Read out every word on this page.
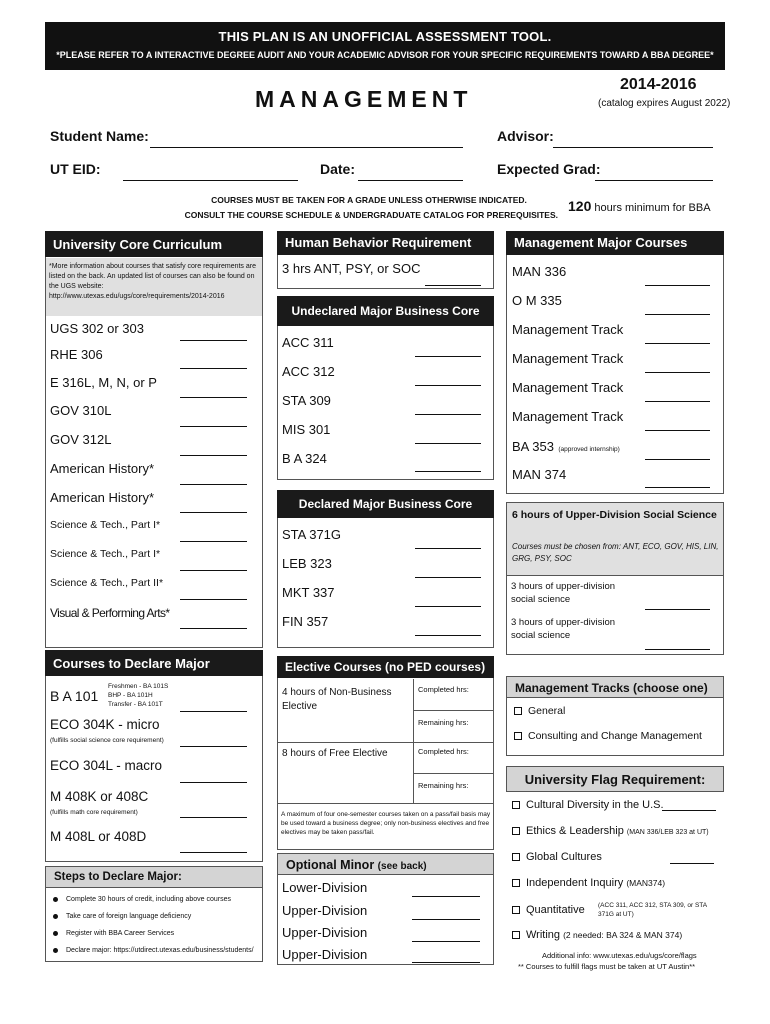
THIS PLAN IS AN UNOFFICIAL ASSESSMENT TOOL.
*PLEASE REFER TO A INTERACTIVE DEGREE AUDIT AND YOUR ACADEMIC ADVISOR FOR YOUR SPECIFIC REQUIREMENTS TOWARD A BBA DEGREE*
MANAGEMENT
2014-2016
(catalog expires August 2022)
Student Name:	Advisor:
UT EID:	Date:	Expected Grad:
COURSES MUST BE TAKEN FOR A GRADE UNLESS OTHERWISE INDICATED.
CONSULT THE COURSE SCHEDULE & UNDERGRADUATE CATALOG FOR PREREQUISITES.
120 hours minimum for BBA
University Core Curriculum
*More information about courses that satisfy core requirements are listed on the back. An updated list of courses can also be found on the UGS website:
http://www.utexas.edu/ugs/core/requirements/2014-2016
UGS 302 or 303
RHE 306
E 316L, M, N, or P
GOV 310L
GOV 312L
American History*
American History*
Science & Tech., Part I*
Science & Tech., Part I*
Science & Tech., Part II*
Visual & Performing Arts*
Courses to Declare Major
B A 101
Freshmen - BA 101S
BHP - BA 101H
Transfer - BA 101T
ECO 304K - micro
(fulfills social science core requirement)
ECO 304L - macro
M 408K or 408C
(fulfills math core requirement)
M 408L or 408D
Steps to Declare Major:
Complete 30 hours of credit, including above courses
Take care of foreign language deficiency
Register with BBA Career Services
Declare major: https://utdirect.utexas.edu/business/students/
Human Behavior Requirement
3 hrs ANT, PSY, or SOC
Undeclared Major Business Core
ACC 311
ACC 312
STA 309
MIS 301
B A 324
Declared Major Business Core
STA 371G
LEB 323
MKT 337
FIN 357
Elective Courses (no PED courses)
4 hours of Non-Business Elective
Completed hrs:
Remaining hrs:
8 hours of Free Elective	Completed hrs:
Remaining hrs:
A maximum of four one-semester courses taken on a pass/fail basis may be used toward a business degree; only non-business electives and free electives may be taken pass/fail.
Optional Minor (see back)
Lower-Division
Upper-Division
Upper-Division
Upper-Division
Management Major Courses
MAN 336
O M 335
Management Track
Management Track
Management Track
Management Track
BA 353 (approved internship)
MAN 374
6 hours of Upper-Division Social Science
Courses must be chosen from: ANT, ECO, GOV, HIS, LIN, GRG, PSY, SOC
3 hours of upper-division social science
3 hours of upper-division social science
Management Tracks (choose one)
General
Consulting and Change Management
University Flag Requirement:
Cultural Diversity in the U.S.
Ethics & Leadership (MAN 336/LEB 323 at UT)
Global Cultures
Independent Inquiry (MAN374)
Quantitative (ACC 311, ACC 312, STA 309, or STA 371G at UT)
Writing (2 needed: BA 324 & MAN 374)
Additional info: www.utexas.edu/ugs/core/flags
** Courses to fulfill flags must be taken at UT Austin**
